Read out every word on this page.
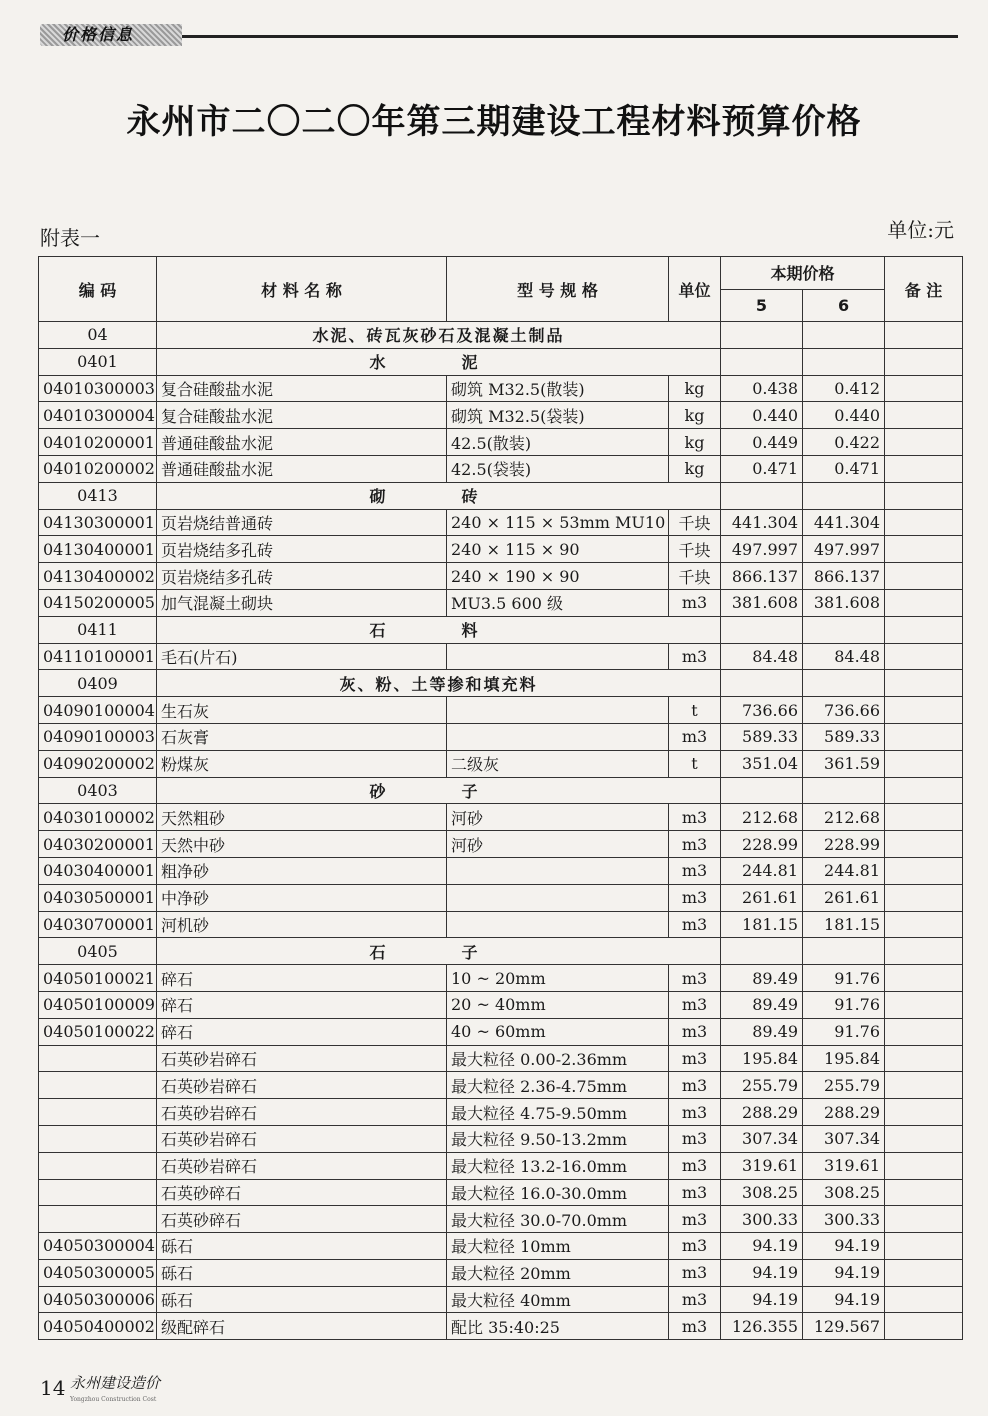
价格信息
永州市二〇二〇年第三期建设工程材料预算价格
附表一	单位:元
编 码	材 料 名 称	型 号 规 格	单位	本期价格		备 注
				5	6	
04	水泥、砖瓦灰砂石及混凝土制品					
0401	水　泥					
04010300003	复合硅酸盐水泥	砌筑 M32.5(散装)	kg	0.438	0.412	
04010300004	复合硅酸盐水泥	砌筑 M32.5(袋装)	kg	0.440	0.440	
04010200001	普通硅酸盐水泥	42.5(散装)	kg	0.449	0.422	
04010200002	普通硅酸盐水泥	42.5(袋装)	kg	0.471	0.471	
0413	砌　砖					
04130300001	页岩烧结普通砖	240 × 115 × 53mm MU10	千块	441.304	441.304	
04130400001	页岩烧结多孔砖	240 × 115 × 90	千块	497.997	497.997	
04130400002	页岩烧结多孔砖	240 × 190 × 90	千块	866.137	866.137	
04150200005	加气混凝土砌块	MU3.5 600 级	m3	381.608	381.608	
0411	石　料					
04110100001	毛石(片石)		m3	84.48	84.48	
0409	灰、粉、土等掺和填充料					
04090100004	生石灰		t	736.66	736.66	
04090100003	石灰膏		m3	589.33	589.33	
04090200002	粉煤灰	二级灰	t	351.04	361.59	
0403	砂　子					
04030100002	天然粗砂	河砂	m3	212.68	212.68	
04030200001	天然中砂	河砂	m3	228.99	228.99	
04030400001	粗净砂		m3	244.81	244.81	
04030500001	中净砂		m3	261.61	261.61	
04030700001	河机砂		m3	181.15	181.15	
0405	石　子					
04050100021	碎石	10 ~ 20mm	m3	89.49	91.76	
04050100009	碎石	20 ~ 40mm	m3	89.49	91.76	
04050100022	碎石	40 ~ 60mm	m3	89.49	91.76	
	石英砂岩碎石	最大粒径 0.00-2.36mm	m3	195.84	195.84	
	石英砂岩碎石	最大粒径 2.36-4.75mm	m3	255.79	255.79	
	石英砂岩碎石	最大粒径 4.75-9.50mm	m3	288.29	288.29	
	石英砂岩碎石	最大粒径 9.50-13.2mm	m3	307.34	307.34	
	石英砂岩碎石	最大粒径 13.2-16.0mm	m3	319.61	319.61	
	石英砂碎石	最大粒径 16.0-30.0mm	m3	308.25	308.25	
	石英砂碎石	最大粒径 30.0-70.0mm	m3	300.33	300.33	
04050300004	砾石	最大粒径 10mm	m3	94.19	94.19	
04050300005	砾石	最大粒径 20mm	m3	94.19	94.19	
04050300006	砾石	最大粒径 40mm	m3	94.19	94.19	
04050400002	级配碎石	配比 35:40:25	m3	126.355	129.567	
14 永州建设造价
Yongzhou Construction Cost
